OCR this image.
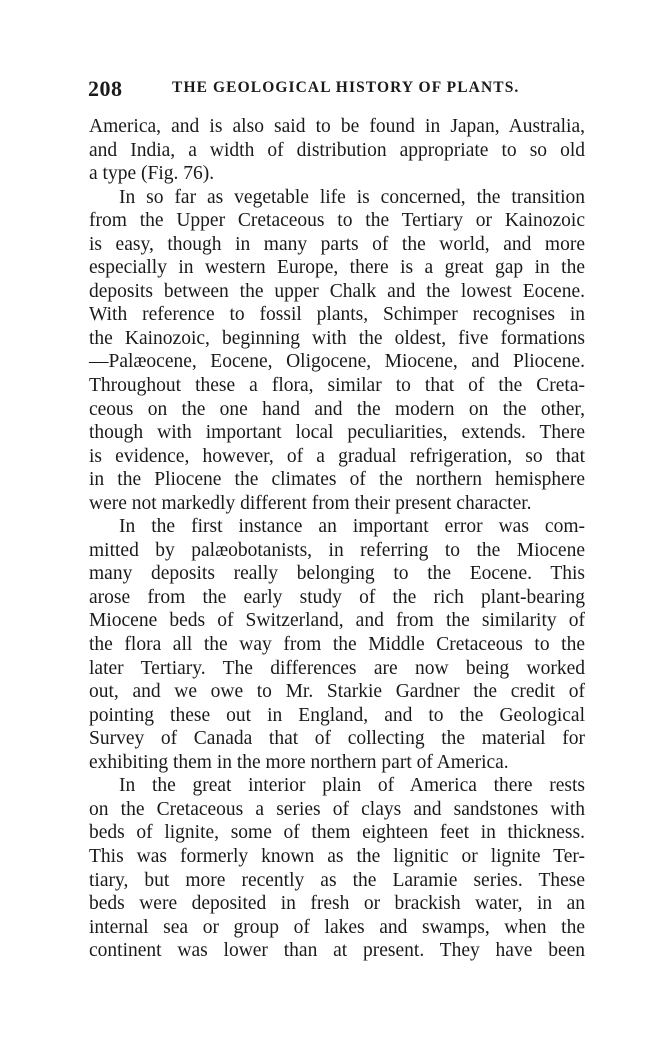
208	THE GEOLOGICAL HISTORY OF PLANTS.
America, and is also said to be found in Japan, Australia,
and India, a width of distribution appropriate to so old
a type (Fig. 76).
In so far as vegetable life is concerned, the transition
from the Upper Cretaceous to the Tertiary or Kainozoic
is easy, though in many parts of the world, and more
especially in western Europe, there is a great gap in the
deposits between the upper Chalk and the lowest Eocene.
With reference to fossil plants, Schimper recognises in
the Kainozoic, beginning with the oldest, five formations
—Palæocene, Eocene, Oligocene, Miocene, and Pliocene.
Throughout these a flora, similar to that of the Creta-
ceous on the one hand and the modern on the other,
though with important local peculiarities, extends. There
is evidence, however, of a gradual refrigeration, so that
in the Pliocene the climates of the northern hemisphere
were not markedly different from their present character.
In the first instance an important error was com-
mitted by palæobotanists, in referring to the Miocene
many deposits really belonging to the Eocene. This
arose from the early study of the rich plant-bearing
Miocene beds of Switzerland, and from the similarity of
the flora all the way from the Middle Cretaceous to the
later Tertiary. The differences are now being worked
out, and we owe to Mr. Starkie Gardner the credit of
pointing these out in England, and to the Geological
Survey of Canada that of collecting the material for
exhibiting them in the more northern part of America.
In the great interior plain of America there rests
on the Cretaceous a series of clays and sandstones with
beds of lignite, some of them eighteen feet in thickness.
This was formerly known as the lignitic or lignite Ter-
tiary, but more recently as the Laramie series. These
beds were deposited in fresh or brackish water, in an
internal sea or group of lakes and swamps, when the
continent was lower than at present. They have been
